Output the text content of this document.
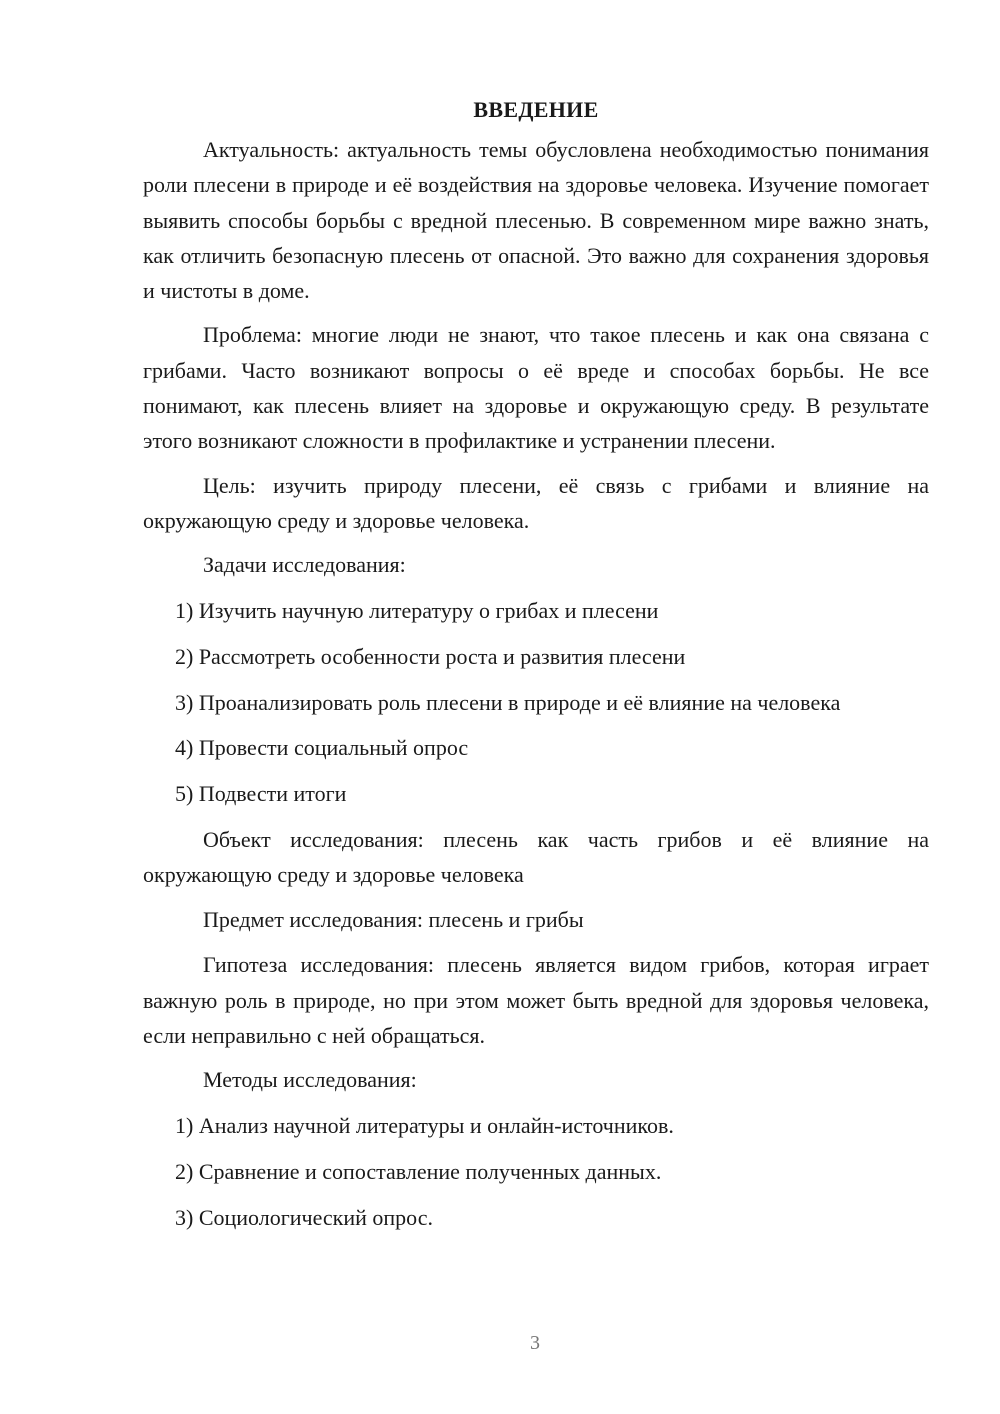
ВВЕДЕНИЕ

Актуальность: актуальность темы обусловлена необходимостью понимания роли плесени в природе и её воздействия на здоровье человека. Изучение помогает выявить способы борьбы с вредной плесенью. В современном мире важно знать, как отличить безопасную плесень от опасной. Это важно для сохранения здоровья и чистоты в доме.

Проблема: многие люди не знают, что такое плесень и как она связана с грибами. Часто возникают вопросы о её вреде и способах борьбы. Не все понимают, как плесень влияет на здоровье и окружающую среду. В результате этого возникают сложности в профилактике и устранении плесени.

Цель: изучить природу плесени, её связь с грибами и влияние на окружающую среду и здоровье человека.

Задачи исследования:
1) Изучить научную литературу о грибах и плесени
2) Рассмотреть особенности роста и развития плесени
3) Проанализировать роль плесени в природе и её влияние на человека
4) Провести социальный опрос
5) Подвести итоги

Объект исследования: плесень как часть грибов и её влияние на окружающую среду и здоровье человека

Предмет исследования: плесень и грибы

Гипотеза исследования: плесень является видом грибов, которая играет важную роль в природе, но при этом может быть вредной для здоровья человека, если неправильно с ней обращаться.

Методы исследования:
1) Анализ научной литературы и онлайн-источников.
2) Сравнение и сопоставление полученных данных.
3) Социологический опрос.
3
